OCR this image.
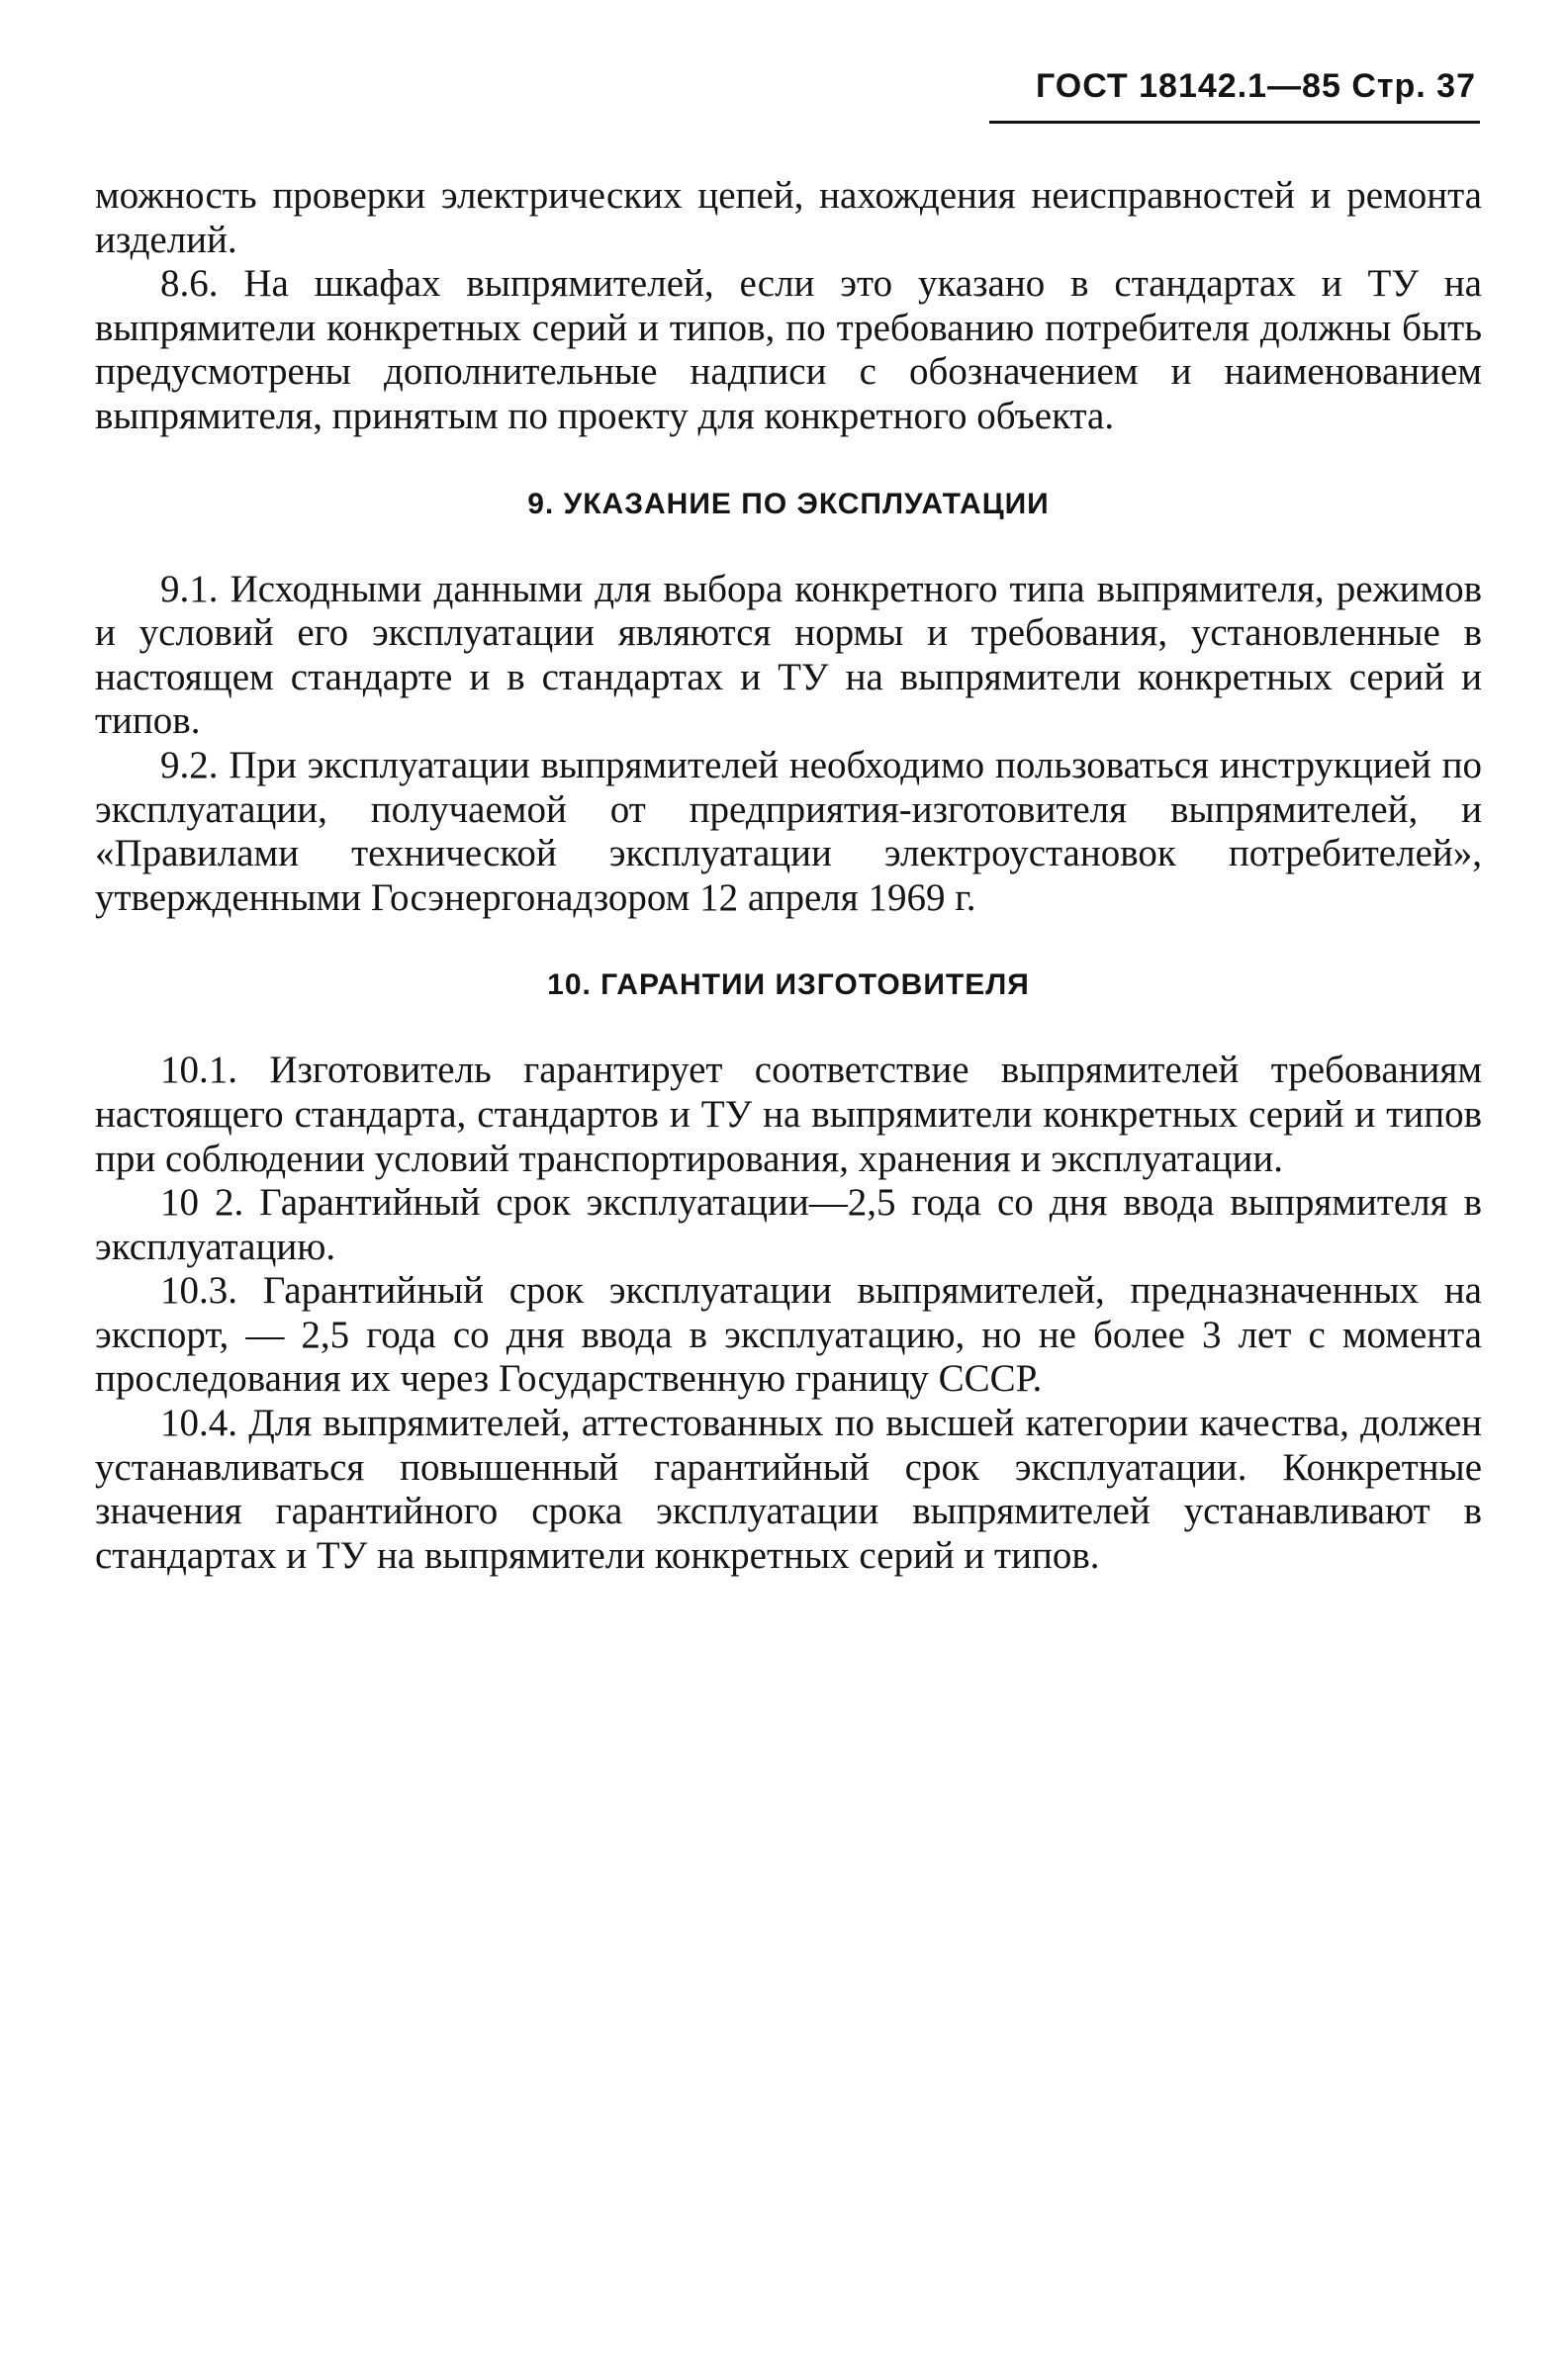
ГОСТ 18142.1—85 Стр. 37

можность проверки электрических цепей, нахождения неисправностей и ремонта изделий.

8.6. На шкафах выпрямителей, если это указано в стандартах и ТУ на выпрямители конкретных серий и типов, по требованию потребителя должны быть предусмотрены дополнительные надписи с обозначением и наименованием выпрямителя, принятым по проекту для конкретного объекта.

9. УКАЗАНИЕ ПО ЭКСПЛУАТАЦИИ

9.1. Исходными данными для выбора конкретного типа выпрямителя, режимов и условий его эксплуатации являются нормы и требования, установленные в настоящем стандарте и в стандартах и ТУ на выпрямители конкретных серий и типов.

9.2. При эксплуатации выпрямителей необходимо пользоваться инструкцией по эксплуатации, получаемой от предприятия-изготовителя выпрямителей, и «Правилами технической эксплуатации электроустановок потребителей», утвержденными Госэнергонадзором 12 апреля 1969 г.

10. ГАРАНТИИ ИЗГОТОВИТЕЛЯ

10.1. Изготовитель гарантирует соответствие выпрямителей требованиям настоящего стандарта, стандартов и ТУ на выпрямители конкретных серий и типов при соблюдении условий транспортирования, хранения и эксплуатации.

10 2. Гарантийный срок эксплуатации—2,5 года со дня ввода выпрямителя в эксплуатацию.

10.3. Гарантийный срок эксплуатации выпрямителей, предназначенных на экспорт, — 2,5 года со дня ввода в эксплуатацию, но не более 3 лет с момента проследования их через Государственную границу СССР.

10.4. Для выпрямителей, аттестованных по высшей категории качества, должен устанавливаться повышенный гарантийный срок эксплуатации. Конкретные значения гарантийного срока эксплуатации выпрямителей устанавливают в стандартах и ТУ на выпрямители конкретных серий и типов.
